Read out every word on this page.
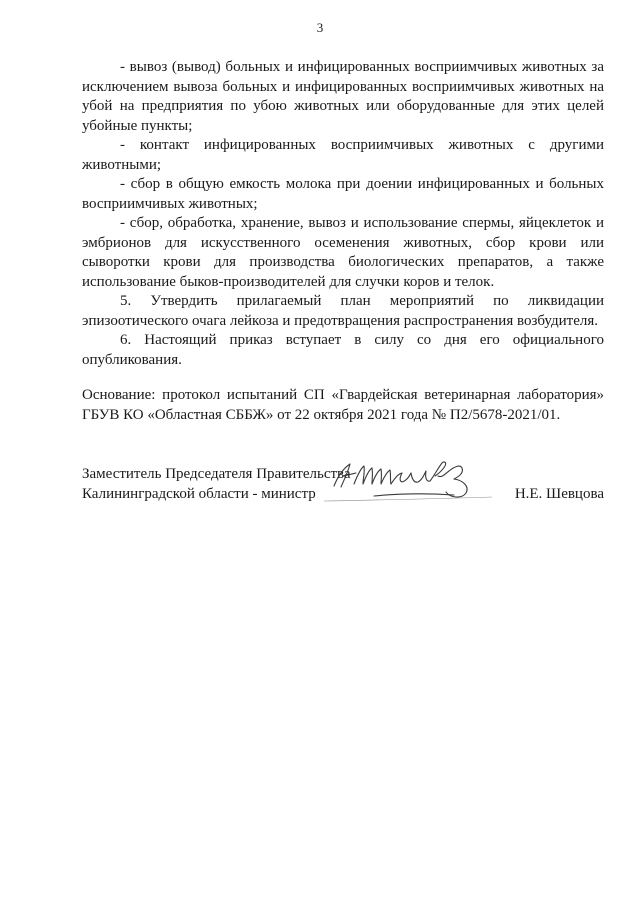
3

- вывоз (вывод) больных и инфицированных восприимчивых животных за исключением вывоза больных и инфицированных восприимчивых животных на убой на предприятия по убою животных или оборудованные для этих целей убойные пункты;

- контакт инфицированных восприимчивых животных с другими животными;

- сбор в общую емкость молока при доении инфицированных и больных восприимчивых животных;

- сбор, обработка, хранение, вывоз и использование спермы, яйцеклеток и эмбрионов для искусственного осеменения животных, сбор крови или сыворотки крови для производства биологических препаратов, а также использование быков-производителей для случки коров и телок.

5. Утвердить прилагаемый план мероприятий по ликвидации эпизоотического очага лейкоза и предотвращения распространения возбудителя.

6. Настоящий приказ вступает в силу со дня его официального опубликования.

Основание: протокол испытаний СП «Гвардейская ветеринарная лаборатория» ГБУВ КО «Областная СББЖ» от 22 октября 2021 года № П2/5678-2021/01.

Заместитель Председателя Правительства
Калининградской области - министр	Н.Е. Шевцова
